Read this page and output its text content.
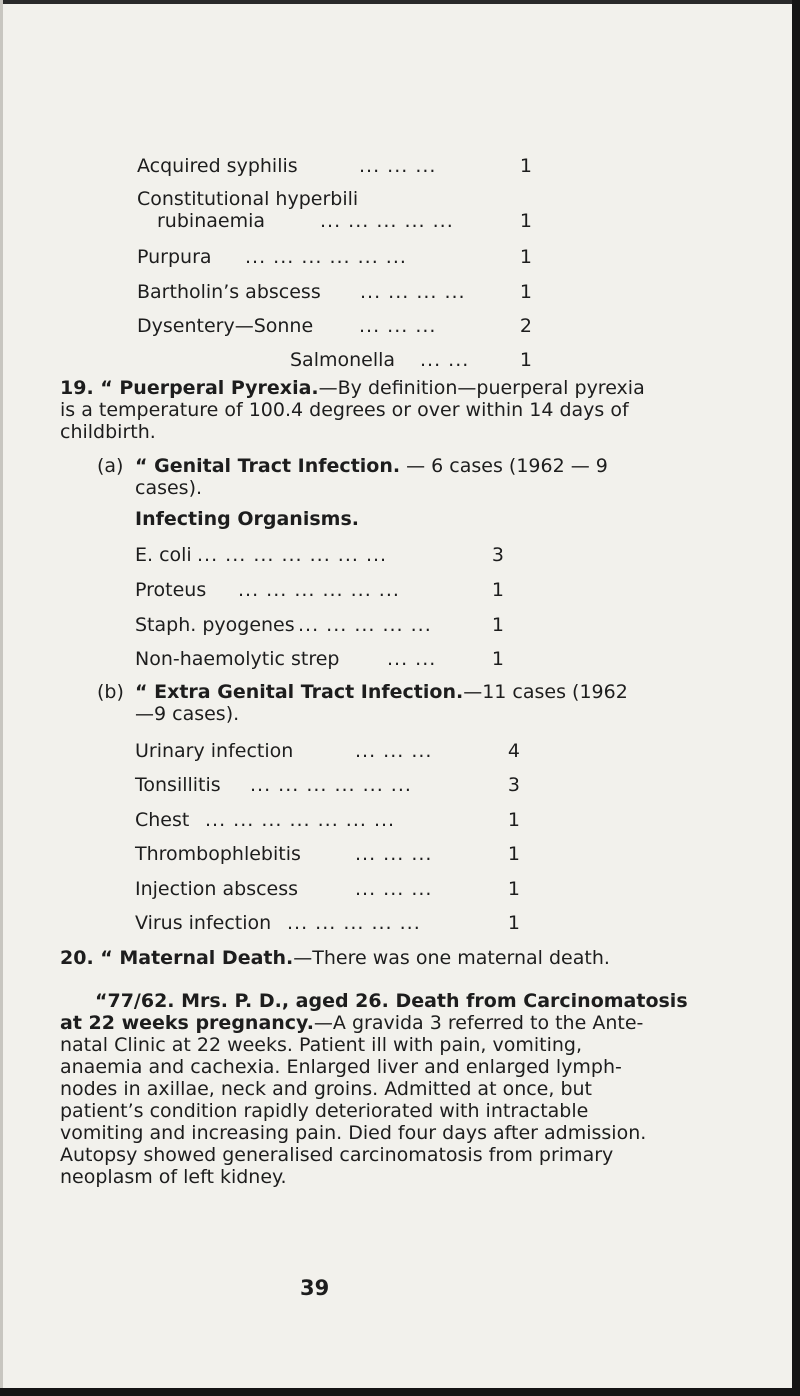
Acquired syphilis	... ... ...	1
Constitutional hyperbili
rubinaemia	... ... ... ... ...	1
Purpura ... ... ... ... ... ...	1
Bartholin’s abscess ... ... ... ...	1
Dysentery—Sonne ... ... ...	2
Salmonella ... ...	1
19. “ Puerperal Pyrexia.—By definition—puerperal pyrexia
is a temperature of 100.4 degrees or over within 14 days of
childbirth.
(a) “ Genital Tract Infection. — 6 cases (1962 — 9
cases).
Infecting Organisms.
E. coli ... ... ... ... ... ... ...	3
Proteus ... ... ... ... ... ...	1
Staph. pyogenes ... ... ... ... ...	1
Non-haemolytic strep	... ...	1
(b) “ Extra Genital Tract Infection.—11 cases (1962
—9 cases).
Urinary infection	... ... ...	4
Tonsillitis ... ... ... ... ... ...	3
Chest ... ... ... ... ... ... ...	1
Thrombophlebitis	... ... ...	1
Injection abscess	... ... ...	1
Virus infection ... ... ... ... ...	1
20. “ Maternal Death.—There was one maternal death.
“77/62. Mrs. P. D., aged 26. Death from Carcinomatosis
at 22 weeks pregnancy.—A gravida 3 referred to the Ante-
natal Clinic at 22 weeks. Patient ill with pain, vomiting,
anaemia and cachexia. Enlarged liver and enlarged lymph-
nodes in axillae, neck and groins. Admitted at once, but
patient’s condition rapidly deteriorated with intractable
vomiting and increasing pain. Died four days after admission.
Autopsy showed generalised carcinomatosis from primary
neoplasm of left kidney.
39
